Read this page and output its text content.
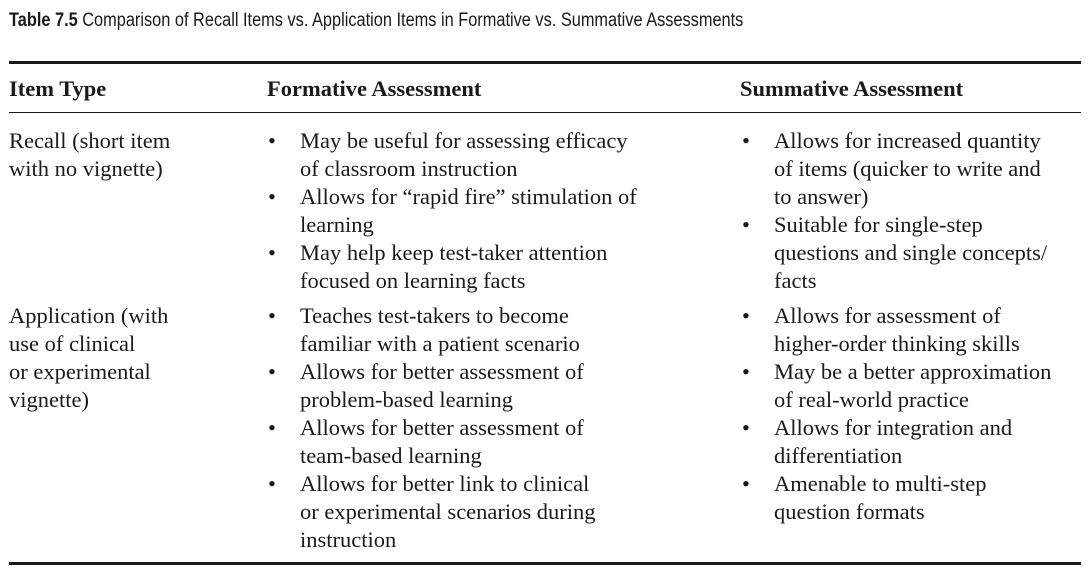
Table 7.5 Comparison of Recall Items vs. Application Items in Formative vs. Summative Assessments
Item Type	Formative Assessment	Summative Assessment
Recall (short item
with no vignette)
• May be useful for assessing efficacy
of classroom instruction
• Allows for “rapid fire” stimulation of
learning
• May help keep test-taker attention
focused on learning facts
• Allows for increased quantity
of items (quicker to write and
to answer)
• Suitable for single-step
questions and single concepts/
facts
Application (with
use of clinical
or experimental
vignette)
• Teaches test-takers to become
familiar with a patient scenario
• Allows for better assessment of
problem-based learning
• Allows for better assessment of
team-based learning
• Allows for better link to clinical
or experimental scenarios during
instruction
• Allows for assessment of
higher-order thinking skills
• May be a better approximation
of real-world practice
• Allows for integration and
differentiation
• Amenable to multi-step
question formats
